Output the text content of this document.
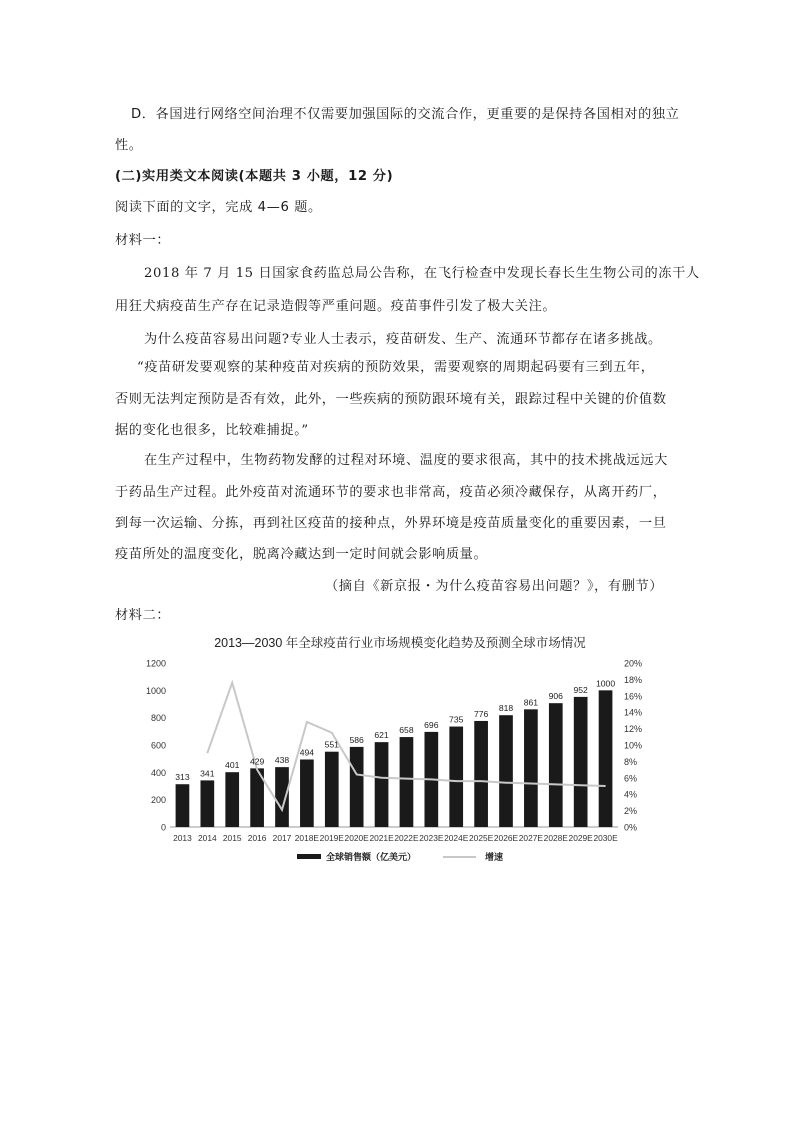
D．各国进行网络空间治理不仅需要加强国际的交流合作，更重要的是保持各国相对的独立
性。
(二)实用类文本阅读(本题共 3 小题，12 分)
阅读下面的文字，完成 4—6 题。
材料一：
2018 年 7 月 15 日国家食药监总局公告称，在飞行检查中发现长春长生生物公司的冻干人
用狂犬病疫苗生产存在记录造假等严重问题。疫苗事件引发了极大关注。
为什么疫苗容易出问题?专业人士表示，疫苗研发、生产、流通环节都存在诸多挑战。
“疫苗研发要观察的某种疫苗对疾病的预防效果，需要观察的周期起码要有三到五年，
否则无法判定预防是否有效，此外，一些疾病的预防跟环境有关，跟踪过程中关键的价值数
据的变化也很多，比较难捕捉。”
在生产过程中，生物药物发酵的过程对环境、温度的要求很高，其中的技术挑战远远大
于药品生产过程。此外疫苗对流通环节的要求也非常高，疫苗必须冷藏保存，从离开药厂，
到每一次运输、分拣，再到社区疫苗的接种点，外界环境是疫苗质量变化的重要因素，一旦
疫苗所处的温度变化，脱离冷藏达到一定时间就会影响质量。
（摘自《新京报・为什么疫苗容易出问题？》，有删节）
材料二：
2013—2030 年全球疫苗行业市场规模变化趋势及预测全球市场情况
0
200
400
600
800
1000
1200
0%
2%
4%
6%
8%
10%
12%
14%
16%
18%
20%
313 341
401 429 438
494
551 586 621
658
696
735
776
818
861
906
952
1000
2013 2014 2015 2016 2017 2018E 2019E 2020E 2021E 2022E 2023E 2024E 2025E 2026E 2027E 2028E 2029E 2030E
全球销售额（亿美元）	增速
